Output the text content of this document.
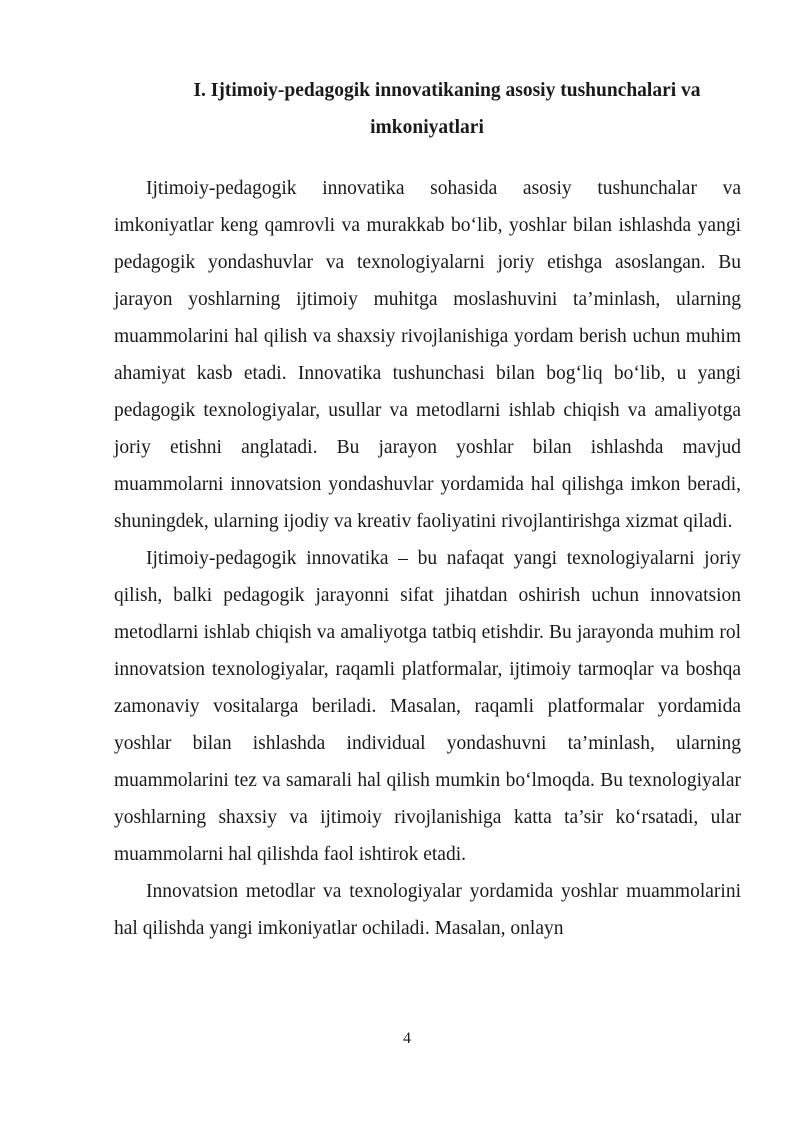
I. Ijtimoiy-pedagogik innovatikaning asosiy tushunchalari va
imkoniyatlari

Ijtimoiy-pedagogik innovatika sohasida asosiy tushunchalar va imkoniyatlar keng qamrovli va murakkab bo‘lib, yoshlar bilan ishlashda yangi pedagogik yondashuvlar va texnologiyalarni joriy etishga asoslangan. Bu jarayon yoshlarning ijtimoiy muhitga moslashuvini ta’minlash, ularning muammolarini hal qilish va shaxsiy rivojlanishiga yordam berish uchun muhim ahamiyat kasb etadi. Innovatika tushunchasi bilan bog‘liq bo‘lib, u yangi pedagogik texnologiyalar, usullar va metodlarni ishlab chiqish va amaliyotga joriy etishni anglatadi. Bu jarayon yoshlar bilan ishlashda mavjud muammolarni innovatsion yondashuvlar yordamida hal qilishga imkon beradi, shuningdek, ularning ijodiy va kreativ faoliyatini rivojlantirishga xizmat qiladi.

Ijtimoiy-pedagogik innovatika – bu nafaqat yangi texnologiyalarni joriy qilish, balki pedagogik jarayonni sifat jihatdan oshirish uchun innovatsion metodlarni ishlab chiqish va amaliyotga tatbiq etishdir. Bu jarayonda muhim rol innovatsion texnologiyalar, raqamli platformalar, ijtimoiy tarmoqlar va boshqa zamonaviy vositalarga beriladi. Masalan, raqamli platformalar yordamida yoshlar bilan ishlashda individual yondashuvni ta’minlash, ularning muammolarini tez va samarali hal qilish mumkin bo‘lmoqda. Bu texnologiyalar yoshlarning shaxsiy va ijtimoiy rivojlanishiga katta ta’sir ko‘rsatadi, ular muammolarni hal qilishda faol ishtirok etadi.

Innovatsion metodlar va texnologiyalar yordamida yoshlar muammolarini hal qilishda yangi imkoniyatlar ochiladi. Masalan, onlayn

4
